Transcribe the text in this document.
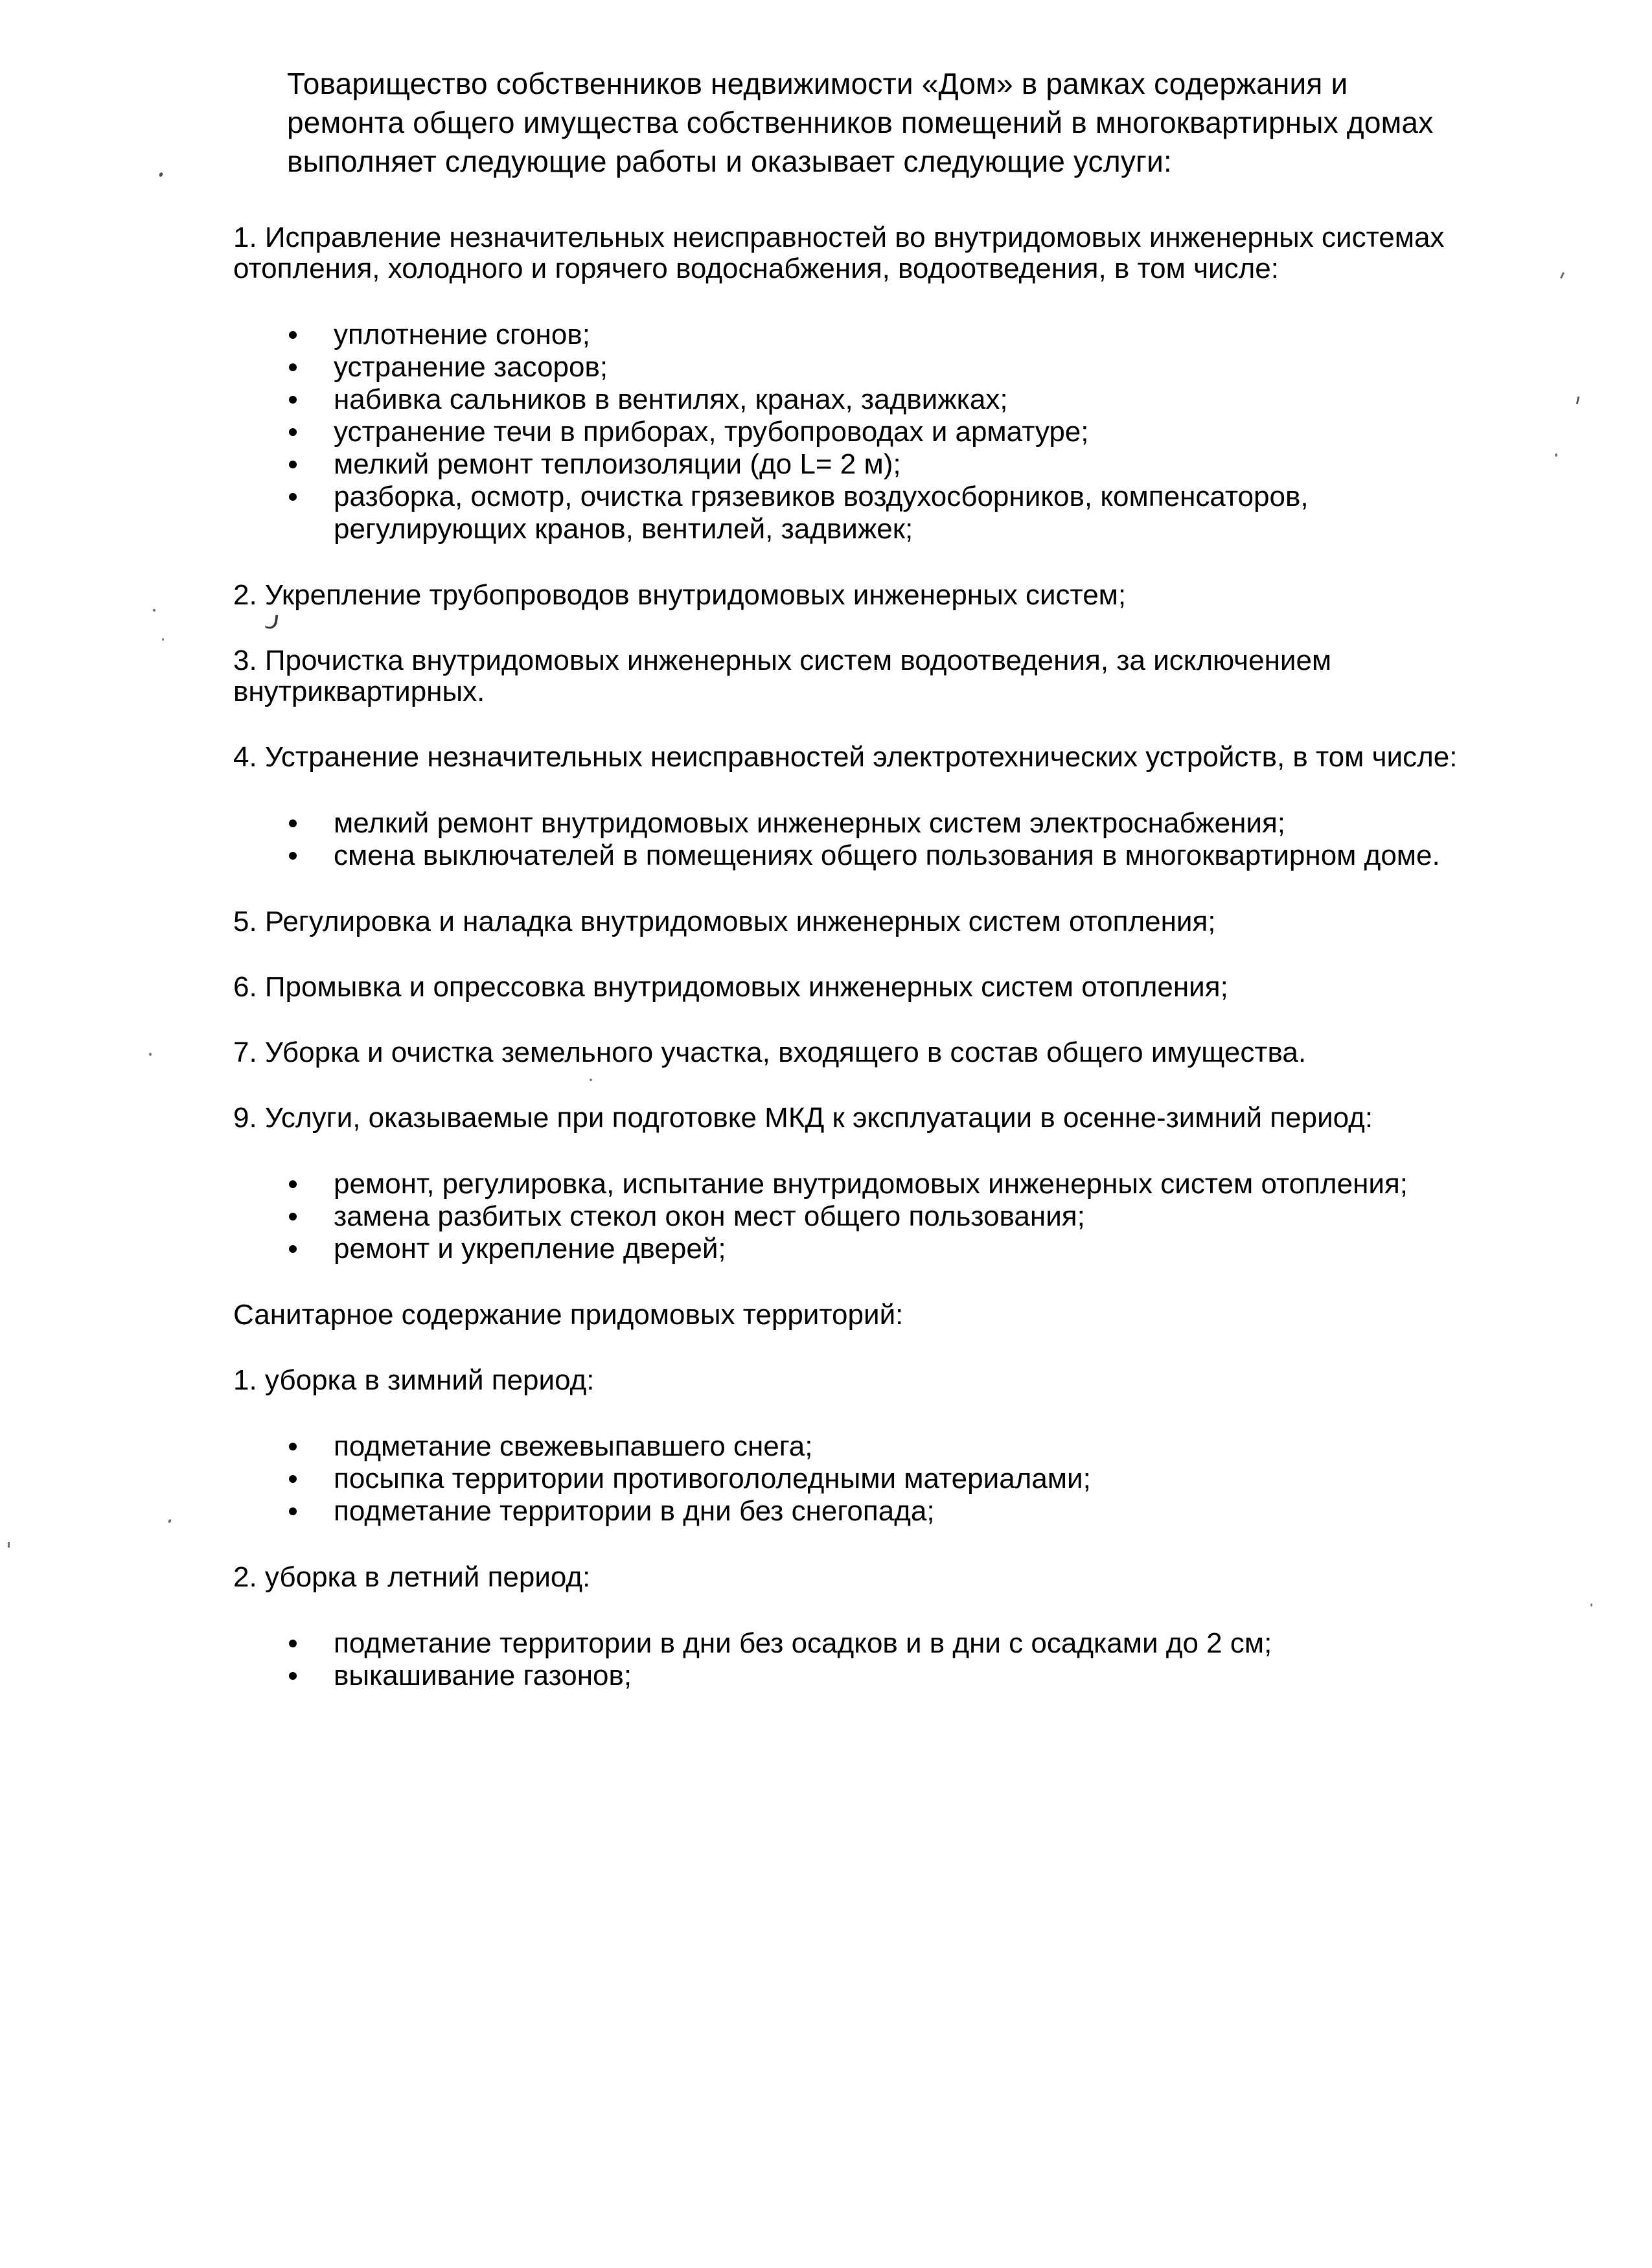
Товарищество собственников недвижимости «Дом» в рамках содержания и ремонта общего имущества собственников помещений в многоквартирных домах выполняет следующие работы и оказывает следующие услуги:

1. Исправление незначительных неисправностей во внутридомовых инженерных системах отопления, холодного и горячего водоснабжения, водоотведения, в том числе:

уплотнение сгонов;
устранение засоров;
набивка сальников в вентилях, кранах, задвижках;
устранение течи в приборах, трубопроводах и арматуре;
мелкий ремонт теплоизоляции (до L= 2 м);
разборка, осмотр, очистка грязевиков воздухосборников, компенсаторов, регулирующих кранов, вентилей, задвижек;

2. Укрепление трубопроводов внутридомовых инженерных систем;

3. Прочистка внутридомовых инженерных систем водоотведения, за исключением внутриквартирных.

4. Устранение незначительных неисправностей электротехнических устройств, в том числе:

мелкий ремонт внутридомовых инженерных систем электроснабжения;
смена выключателей в помещениях общего пользования в многоквартирном доме.

5. Регулировка и наладка внутридомовых инженерных систем отопления;

6. Промывка и опрессовка внутридомовых инженерных систем отопления;

7. Уборка и очистка земельного участка, входящего в состав общего имущества.

9. Услуги, оказываемые при подготовке МКД к эксплуатации в осенне-зимний период:

ремонт, регулировка, испытание внутридомовых инженерных систем отопления;
замена разбитых стекол окон мест общего пользования;
ремонт и укрепление дверей;

Санитарное содержание придомовых территорий:

1. уборка в зимний период:

подметание свежевыпавшего снега;
посыпка территории противогололедными материалами;
подметание территории в дни без снегопада;

2. уборка в летний период:

подметание территории в дни без осадков и в дни с осадками до 2 см;
выкашивание газонов;
